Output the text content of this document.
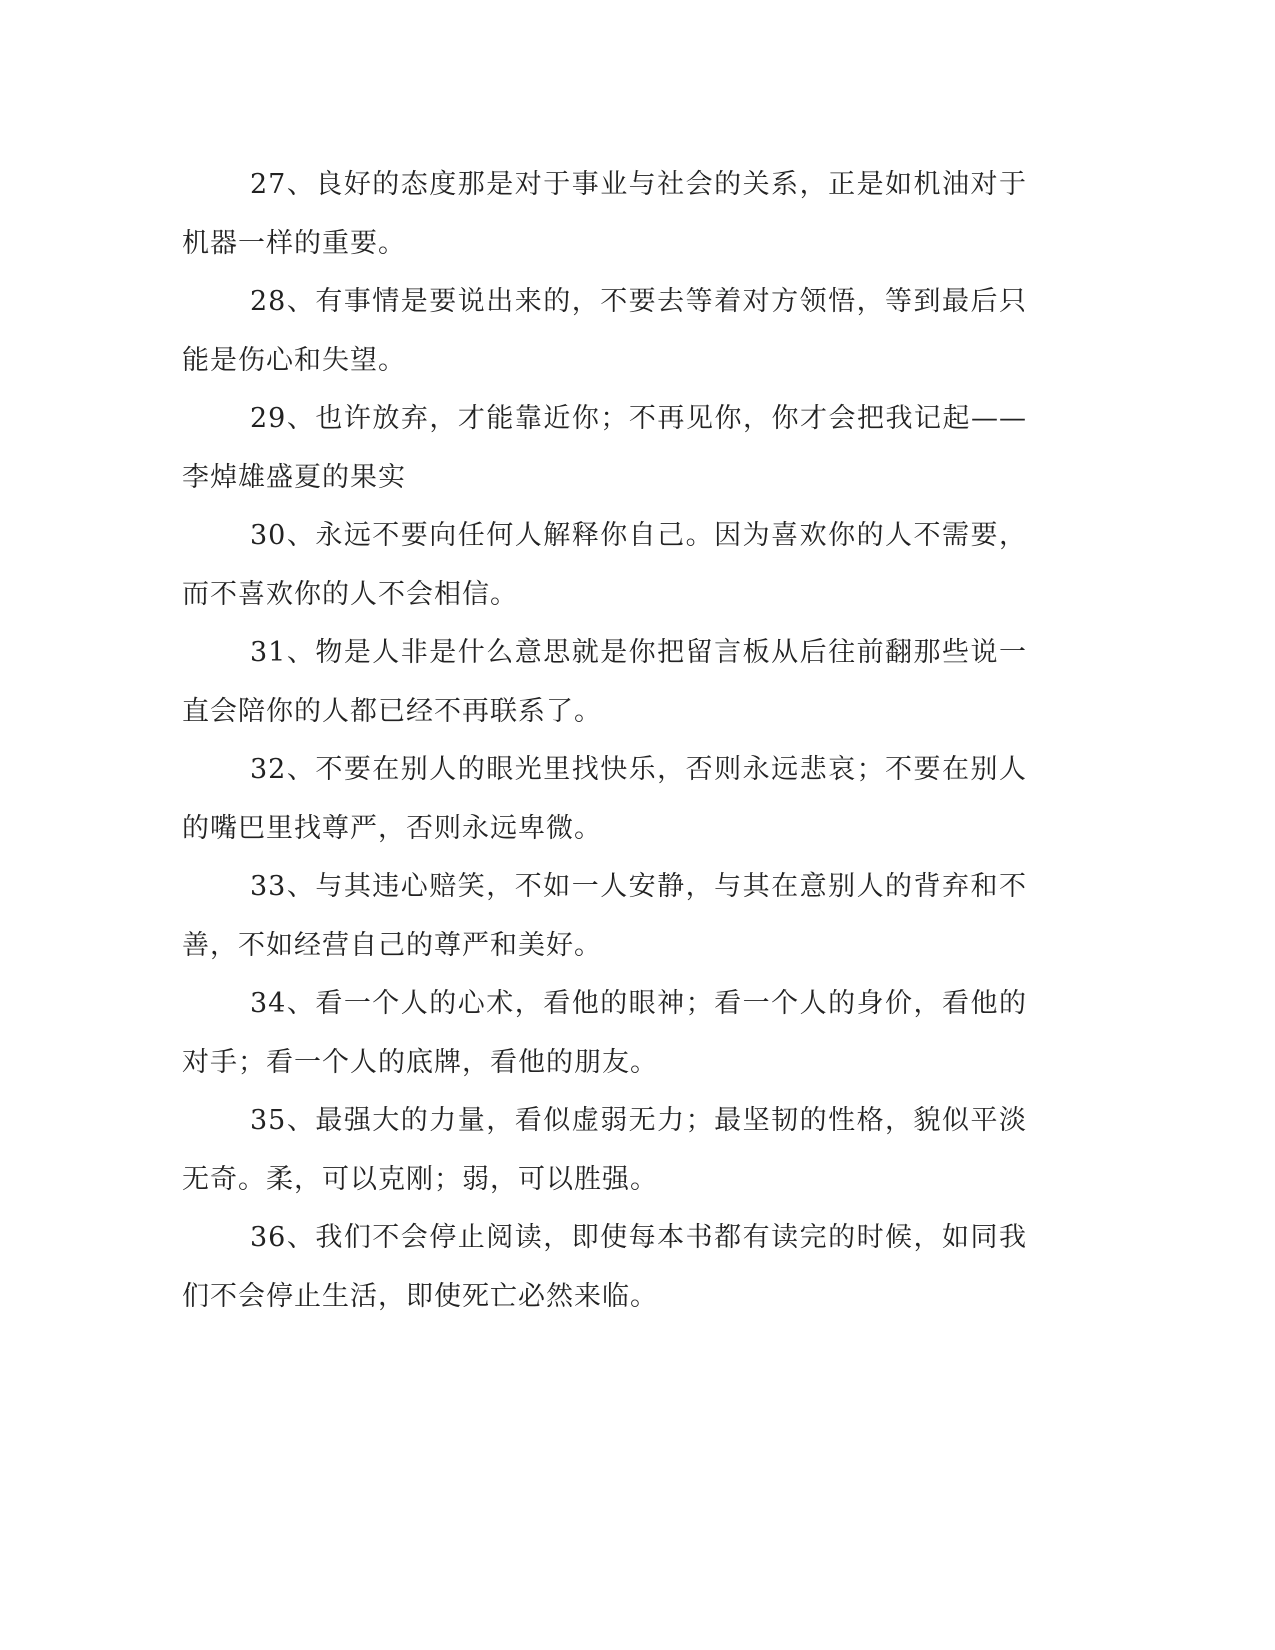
27、良好的态度那是对于事业与社会的关系，正是如机油对于机器一样的重要。

28、有事情是要说出来的，不要去等着对方领悟，等到最后只能是伤心和失望。

29、也许放弃，才能靠近你；不再见你，你才会把我记起——李焯雄盛夏的果实

30、永远不要向任何人解释你自己。因为喜欢你的人不需要，而不喜欢你的人不会相信。

31、物是人非是什么意思就是你把留言板从后往前翻那些说一直会陪你的人都已经不再联系了。

32、不要在别人的眼光里找快乐，否则永远悲哀；不要在别人的嘴巴里找尊严，否则永远卑微。

33、与其违心赔笑，不如一人安静，与其在意别人的背弃和不善，不如经营自己的尊严和美好。

34、看一个人的心术，看他的眼神；看一个人的身价，看他的对手；看一个人的底牌，看他的朋友。

35、最强大的力量，看似虚弱无力；最坚韧的性格，貌似平淡无奇。柔，可以克刚；弱，可以胜强。

36、我们不会停止阅读，即使每本书都有读完的时候，如同我们不会停止生活，即使死亡必然来临。
